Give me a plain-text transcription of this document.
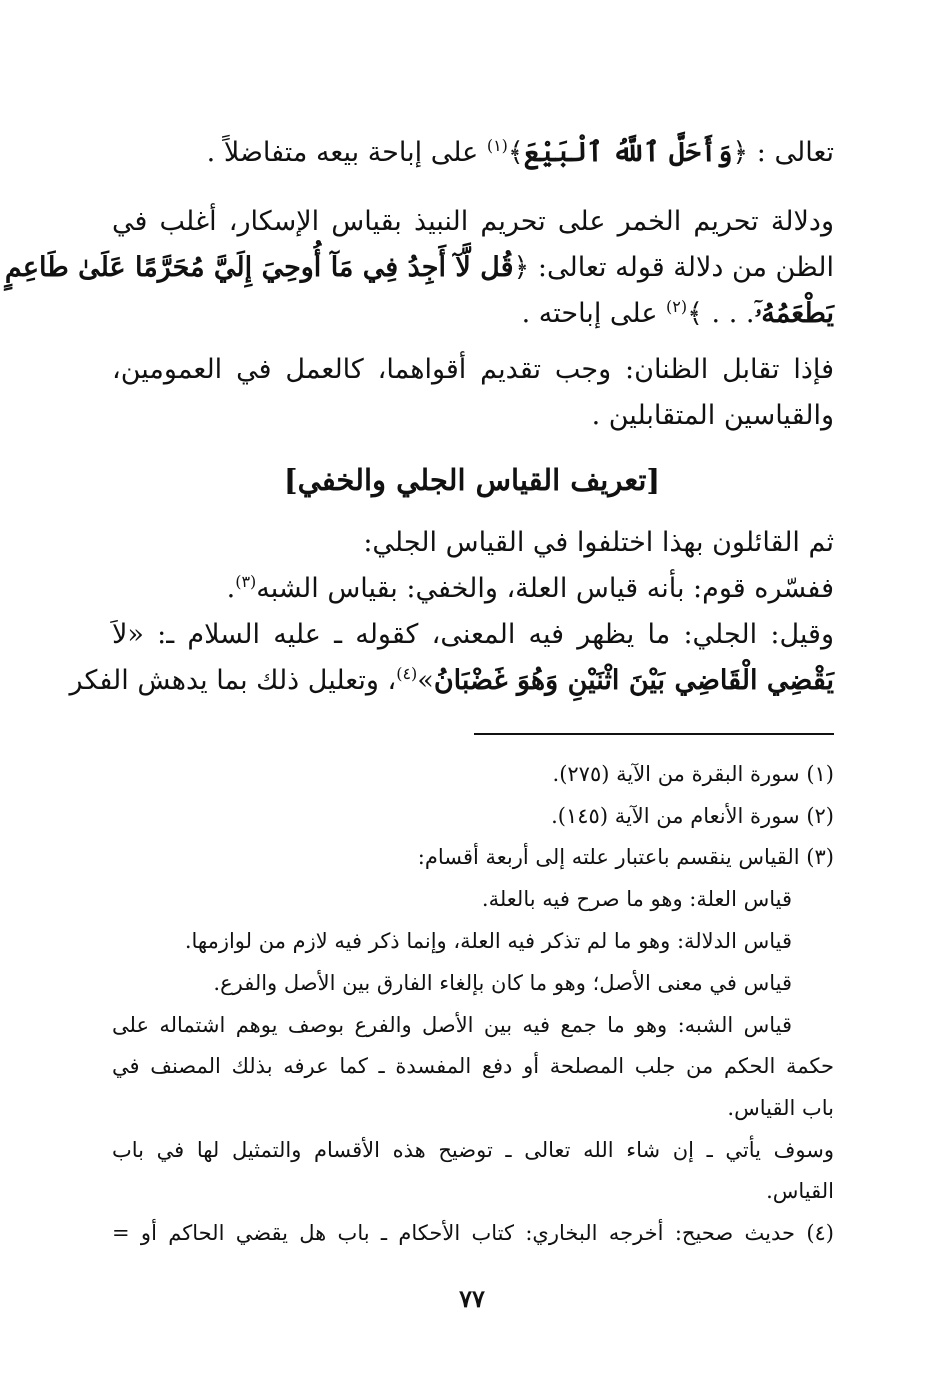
تعالى : ﴿وَأَحَلَّ ٱللَّهُ ٱلْبَيْعَ﴾$^{(١)}$ على إباحة بيعه متفاضلاً .
ودلالة تحريم الخمر على تحريم النبيذ بقياس الإسكار، أغلب في
الظن من دلالة قوله تعالى: ﴿قُل لَّآ أَجِدُ فِي مَآ أُوحِيَ إِلَيَّ مُحَرَّمًا عَلَىٰ طَاعِمٍ
يَطْعَمُهُۥٓ. . . ﴾$^{(٢)}$ على إباحته .
فإذا تقابل الظنان: وجب تقديم أقواهما، كالعمل في العمومين،
والقياسين المتقابلين .
[تعريف القياس الجلي والخفي]
ثم القائلون بهذا اختلفوا في القياس الجلي:
ففسّره قوم: بأنه قياس العلة، والخفي: بقياس الشبه$^{(٣)}$.
وقيل: الجلي: ما يظهر فيه المعنى، كقوله ـ عليه السلام ـ: «لاَ
يَقْضِي الْقَاضِي بَيْنَ اثْنَيْنِ وَهُوَ غَضْبَانُ»$^{(٤)}$، وتعليل ذلك بما يدهش الفكر
(١) سورة البقرة من الآية (٢٧٥).
(٢) سورة الأنعام من الآية (١٤٥).
(٣) القياس ينقسم باعتبار علته إلى أربعة أقسام:
قياس العلة: وهو ما صرح فيه بالعلة.
قياس الدلالة: وهو ما لم تذكر فيه العلة، وإنما ذكر فيه لازم من لوازمها.
قياس في معنى الأصل؛ وهو ما كان بإلغاء الفارق بين الأصل والفرع.
قياس الشبه: وهو ما جمع فيه بين الأصل والفرع بوصف يوهم اشتماله على
حكمة الحكم من جلب المصلحة أو دفع المفسدة ـ كما عرفه بذلك المصنف في
باب القياس.
وسوف يأتي ـ إن شاء الله تعالى ـ توضيح هذه الأقسام والتمثيل لها في باب
القياس.
(٤) حديث صحيح: أخرجه البخاري: كتاب الأحكام ـ باب هل يقضي الحاكم أو =
٧٧
